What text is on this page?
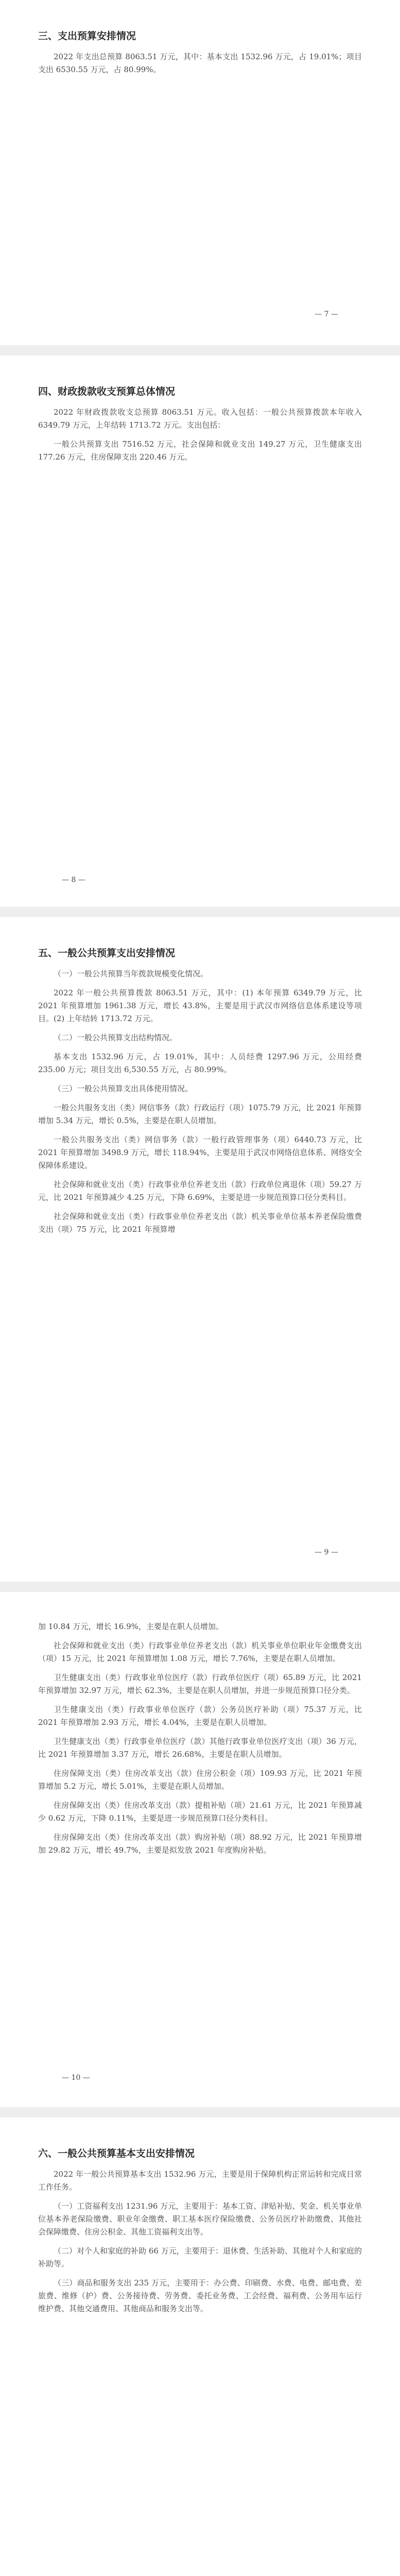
三、支出预算安排情况
2022 年支出总预算 8063.51 万元，其中：基本支出 1532.96 万元，占 19.01%；项目支出 6530.55 万元，占 80.99%。
— 7 —
四、财政拨款收支预算总体情况
2022 年财政拨款收支总预算 8063.51 万元。收入包括：一般公共预算拨款本年收入 6349.79 万元，上年结转 1713.72 万元。支出包括：
一般公共预算支出 7516.52 万元，社会保障和就业支出 149.27 万元，卫生健康支出 177.26 万元，住房保障支出 220.46 万元。
— 8 —
五、一般公共预算支出安排情况
（一）一般公共预算当年拨款规模变化情况。
2022 年一般公共预算拨款 8063.51 万元，其中：(1) 本年预算 6349.79 万元，比 2021 年预算增加 1961.38 万元，增长 43.8%，主要是用于武汉市网络信息体系建设等项目。(2) 上年结转 1713.72 万元。
（二）一般公共预算支出结构情况。
基本支出 1532.96 万元，占 19.01%，其中：人员经费 1297.96 万元，公用经费 235.00 万元；项目支出 6,530.55 万元，占 80.99%。
（三）一般公共预算支出具体使用情况。
一般公共服务支出（类）网信事务（款）行政运行（项）1075.79 万元，比 2021 年预算增加 5.34 万元，增长 0.5%，主要是在职人员增加。
一般公共服务支出（类）网信事务（款）一般行政管理事务（项）6440.73 万元，比 2021 年预算增加 3498.9 万元，增长 118.94%，主要是用于武汉市网络信息体系、网络安全保障体系建设。
社会保障和就业支出（类）行政事业单位养老支出（款）行政单位离退休（项）59.27 万元，比 2021 年预算减少 4.25 万元，下降 6.69%，主要是进一步规范预算口径分类科目。
社会保障和就业支出（类）行政事业单位养老支出（款）机关事业单位基本养老保险缴费支出（项）75 万元，比 2021 年预算增
— 9 —
加 10.84 万元，增长 16.9%，主要是在职人员增加。
社会保障和就业支出（类）行政事业单位养老支出（款）机关事业单位职业年金缴费支出（项）15 万元，比 2021 年预算增加 1.08 万元，增长 7.76%，主要是在职人员增加。
卫生健康支出（类）行政事业单位医疗（款）行政单位医疗（项）65.89 万元，比 2021 年预算增加 32.97 万元，增长 62.3%，主要是在职人员增加，并进一步规范预算口径分类。
卫生健康支出（类）行政事业单位医疗（款）公务员医疗补助（项）75.37 万元，比 2021 年预算增加 2.93 万元，增长 4.04%，主要是在职人员增加。
卫生健康支出（类）行政事业单位医疗（款）其他行政事业单位医疗支出（项）36 万元，比 2021 年预算增加 3.37 万元，增长 26.68%，主要是在职人员增加。
住房保障支出（类）住房改革支出（款）住房公积金（项）109.93 万元，比 2021 年预算增加 5.2 万元，增长 5.01%，主要是在职人员增加。
住房保障支出（类）住房改革支出（款）提租补贴（项）21.61 万元，比 2021 年预算减少 0.62 万元，下降 0.11%，主要是进一步规范预算口径分类科目。
住房保障支出（类）住房改革支出（款）购房补贴（项）88.92 万元，比 2021 年预算增加 29.82 万元，增长 49.7%，主要是拟发放 2021 年度购房补贴。
— 10 —
六、一般公共预算基本支出安排情况
2022 年一般公共预算基本支出 1532.96 万元，主要是用于保障机构正常运转和完成日常工作任务。
（一）工资福利支出 1231.96 万元，主要用于：基本工资、津贴补贴、奖金、机关事业单位基本养老保险缴费、职业年金缴费、职工基本医疗保险缴费、公务员医疗补助缴费、其他社会保障缴费、住房公积金、其他工资福利支出等。
（二）对个人和家庭的补助 66 万元，主要用于：退休费、生活补助、其他对个人和家庭的补助等。
（三）商品和服务支出 235 万元，主要用于：办公费、印刷费、水费、电费、邮电费、差旅费、维修（护）费、公务接待费、劳务费、委托业务费、工会经费、福利费、公务用车运行维护费、其他交通费用、其他商品和服务支出等。
